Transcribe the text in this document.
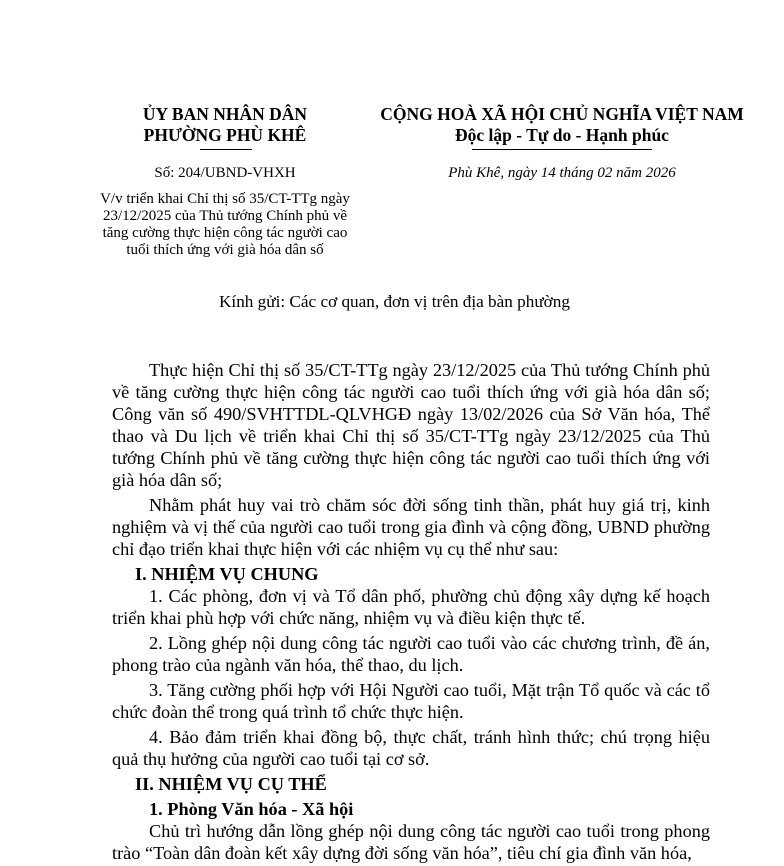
ỦY BAN NHÂN DÂN
PHƯỜNG PHÙ KHÊ
Số: 204/UBND-VHXH
V/v triển khai Chỉ thị số 35/CT-TTg ngày
23/12/2025 của Thủ tướng Chính phủ về
tăng cường thực hiện công tác người cao
tuổi thích ứng với già hóa dân số
CỘNG HOÀ XÃ HỘI CHỦ NGHĨA VIỆT NAM
Độc lập - Tự do - Hạnh phúc
Phù Khê, ngày 14 tháng 02 năm 2026
Kính gửi: Các cơ quan, đơn vị trên địa bàn phường

Thực hiện Chỉ thị số 35/CT-TTg ngày 23/12/2025 của Thủ tướng Chính phủ về tăng cường thực hiện công tác người cao tuổi thích ứng với già hóa dân số; Công văn số 490/SVHTTDL-QLVHGĐ ngày 13/02/2026 của Sở Văn hóa, Thể thao và Du lịch về triển khai Chỉ thị số 35/CT-TTg ngày 23/12/2025 của Thủ tướng Chính phủ về tăng cường thực hiện công tác người cao tuổi thích ứng với già hóa dân số;

Nhằm phát huy vai trò chăm sóc đời sống tinh thần, phát huy giá trị, kinh nghiệm và vị thế của người cao tuổi trong gia đình và cộng đồng, UBND phường chỉ đạo triển khai thực hiện với các nhiệm vụ cụ thể như sau:

I. NHIỆM VỤ CHUNG

1. Các phòng, đơn vị và Tổ dân phố, phường chủ động xây dựng kế hoạch triển khai phù hợp với chức năng, nhiệm vụ và điều kiện thực tế.

2. Lồng ghép nội dung công tác người cao tuổi vào các chương trình, đề án, phong trào của ngành văn hóa, thể thao, du lịch.

3. Tăng cường phối hợp với Hội Người cao tuổi, Mặt trận Tổ quốc và các tổ chức đoàn thể trong quá trình tổ chức thực hiện.

4. Bảo đảm triển khai đồng bộ, thực chất, tránh hình thức; chú trọng hiệu quả thụ hưởng của người cao tuổi tại cơ sở.

II. NHIỆM VỤ CỤ THỂ
1. Phòng Văn hóa - Xã hội

Chủ trì hướng dẫn lồng ghép nội dung công tác người cao tuổi trong phong trào “Toàn dân đoàn kết xây dựng đời sống văn hóa”, tiêu chí gia đình văn hóa,
